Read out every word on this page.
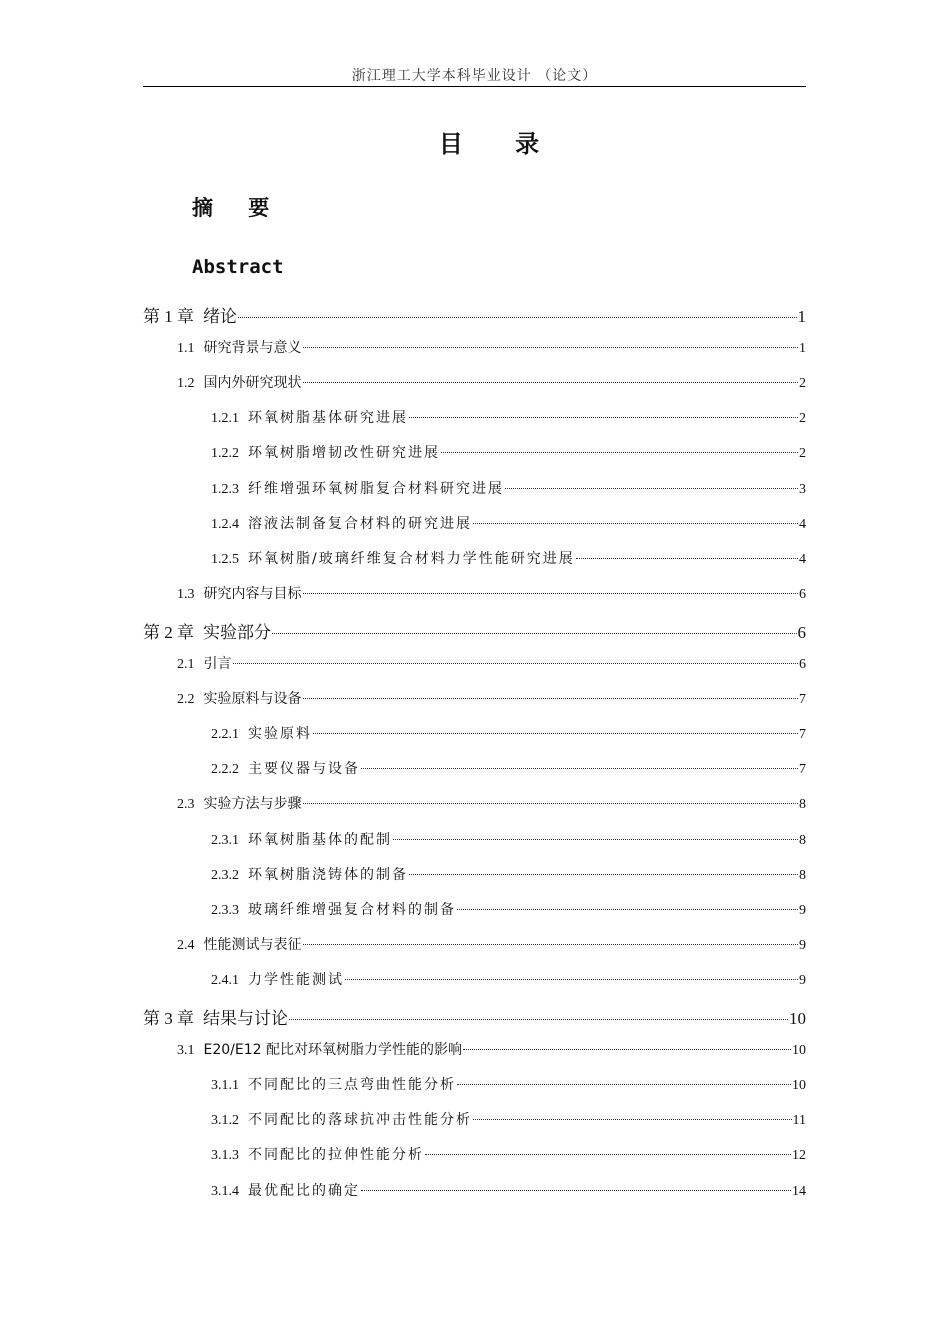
浙江理工大学本科毕业设计 （论文）
目 录
摘 要
Abstract
第 1 章 绪论	1
1.1 研究背景与意义	1
1.2 国内外研究现状	2
1.2.1 环氧树脂基体研究进展	2
1.2.2 环氧树脂增韧改性研究进展	2
1.2.3 纤维增强环氧树脂复合材料研究进展	3
1.2.4 溶液法制备复合材料的研究进展	4
1.2.5 环氧树脂/玻璃纤维复合材料力学性能研究进展	4
1.3 研究内容与目标	6
第 2 章 实验部分	6
2.1 引言	6
2.2 实验原料与设备	7
2.2.1 实验原料	7
2.2.2 主要仪器与设备	7
2.3 实验方法与步骤	8
2.3.1 环氧树脂基体的配制	8
2.3.2 环氧树脂浇铸体的制备	8
2.3.3 玻璃纤维增强复合材料的制备	9
2.4 性能测试与表征	9
2.4.1 力学性能测试	9
第 3 章 结果与讨论	10
3.1 E20/E12 配比对环氧树脂力学性能的影响	10
3.1.1 不同配比的三点弯曲性能分析	10
3.1.2 不同配比的落球抗冲击性能分析	11
3.1.3 不同配比的拉伸性能分析	12
3.1.4 最优配比的确定	14
